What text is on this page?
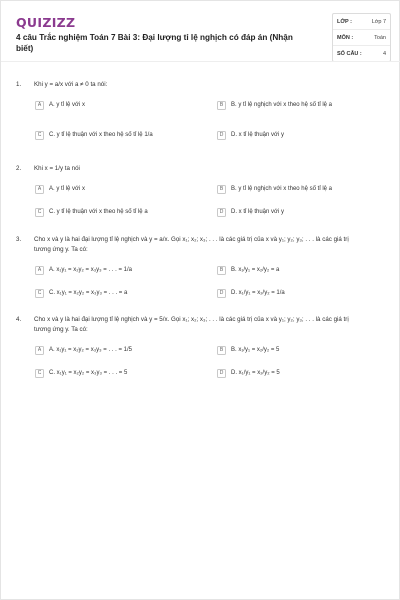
QUIZIZZ
4 câu Trắc nghiệm Toán 7 Bài 3: Đại lượng tỉ lệ nghịch có đáp án (Nhận biết)
LỚP :	Lớp 7
MÔN :	Toán
SỐ CÂU :	4
1.	Khi y = a/x với a ≠ 0 ta nói:
A	A. y tỉ lệ với x	B	B. y tỉ lệ nghịch với x theo hệ số tỉ lệ a
C	C. y tỉ lệ thuận với x theo hệ số tỉ lệ 1/a	D	D. x tỉ lệ thuận với y
2.	Khi x = 1/y ta nói
A	A. y tỉ lệ với x	B	B. y tỉ lệ nghịch với x theo hệ số tỉ lệ a
C	C. y tỉ lệ thuận với x theo hệ số tỉ lệ a	D	D. x tỉ lệ thuận với y
3.	Cho x và y là hai đại lượng tỉ lệ nghịch và y = a/x. Gọi x₁; x₂; x₃; . . . là các giá trị của x và y₁; y₂; y₃; . . . là các giá trị
tương ứng y. Ta có:
A	A. x₁y₁ = x₂y₂ = x₃y₃ = . . . = 1/a	B	B. x₁/y₁ = x₂/y₂ = a
C	C. x₁y₁ = x₂y₂ = x₃y₃ = . . . = a	D	D. x₁/y₁ = x₂/y₂ = 1/a
4.	Cho x và y là hai đại lượng tỉ lệ nghịch và y = 5/x. Gọi x₁; x₂; x₃; . . . là các giá trị của x và y₁; y₂; y₃; . . . là các giá trị
tương ứng y. Ta có:
A	A. x₁y₁ = x₂y₂ = x₃y₃ = . . . = 1/5	B	B. x₁/y₁ = x₂/y₂ = 5
C	C. x₁y₁ = x₂y₂ = x₃y₃ = . . . = 5	D	D. x₁/y₁ = x₂/y₂ = 5
